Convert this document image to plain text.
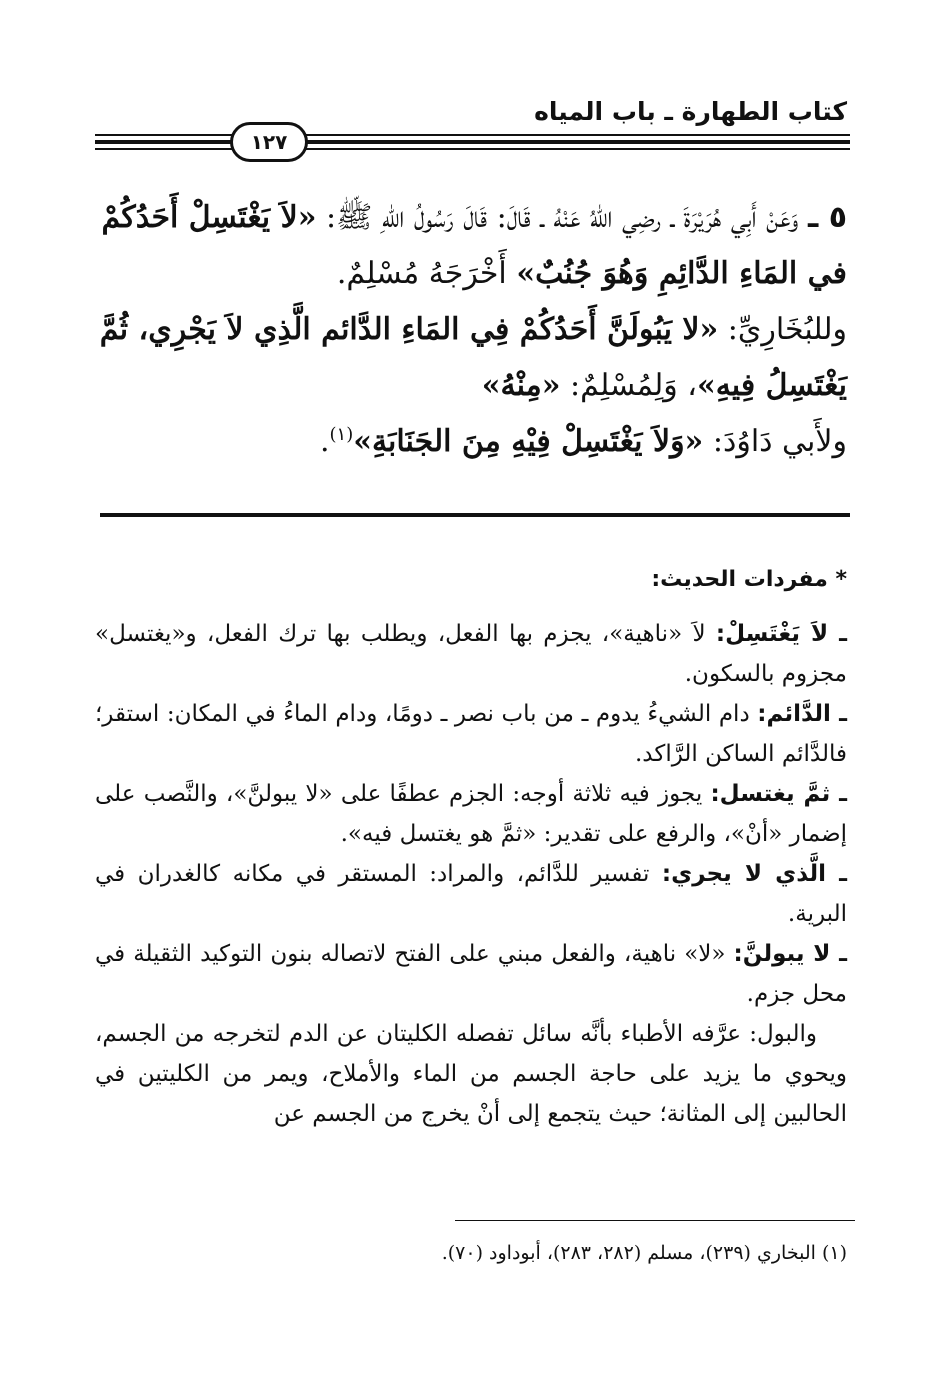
كتاب الطهارة ـ باب المياه
١٢٧

٥ ـ وَعَنْ أَبِي هُرَيْرَةَ ـ رضِي اللهُ عَنْهُ ـ قَالَ: قَالَ رَسُولُ اللهِ ﷺ: «لاَ يَغْتَسِلْ أَحَدُكُمْ في المَاءِ الدَّائِمِ وَهُوَ جُنُبٌ» أَخْرَجَهُ مُسْلِمٌ.

وللبُخَارِيِّ: «لا يَبُولَنَّ أَحَدُكُمْ فِي المَاءِ الدَّائم الَّذِي لاَ يَجْرِي، ثُمَّ يَغْتَسِلُ فِيهِ»، وَلِمُسْلِمٌ: «مِنْهُ»

ولأَبي دَاوُدَ: «وَلاَ يَغْتَسِلْ فِيْهِ مِنَ الجَنَابَةِ»$^{(١)}$.

* مفردات الحديث:

ـ لاَ يَغْتَسِلْ: لاَ «ناهية»، يجزم بها الفعل، ويطلب بها ترك الفعل، و«يغتسل» مجزوم بالسكون.

ـ الدَّائم: دام الشيءُ يدوم ـ من باب نصر ـ دومًا، ودام الماءُ في المكان: استقر؛ فالدَّائم الساكن الرَّاكد.

ـ ثمَّ يغتسل: يجوز فيه ثلاثة أوجه: الجزم عطفًا على «لا يبولنَّ»، والنَّصب على إضمار «أنْ»، والرفع على تقدير: «ثمَّ هو يغتسل فيه».

ـ الَّذي لا يجري: تفسير للدَّائم، والمراد: المستقر في مكانه كالغدران في البرية.

ـ لا يبولنَّ: «لا» ناهية، والفعل مبني على الفتح لاتصاله بنون التوكيد الثقيلة في محل جزم.

والبول: عرَّفه الأطباء بأنَّه سائل تفصله الكليتان عن الدم لتخرجه من الجسم، ويحوي ما يزيد على حاجة الجسم من الماء والأملاح، ويمر من الكليتين في الحالبين إلى المثانة؛ حيث يتجمع إلى أنْ يخرج من الجسم عن

(١) البخاري (٢٣٩)، مسلم (٢٨٢، ٢٨٣)، أبوداود (٧٠).
